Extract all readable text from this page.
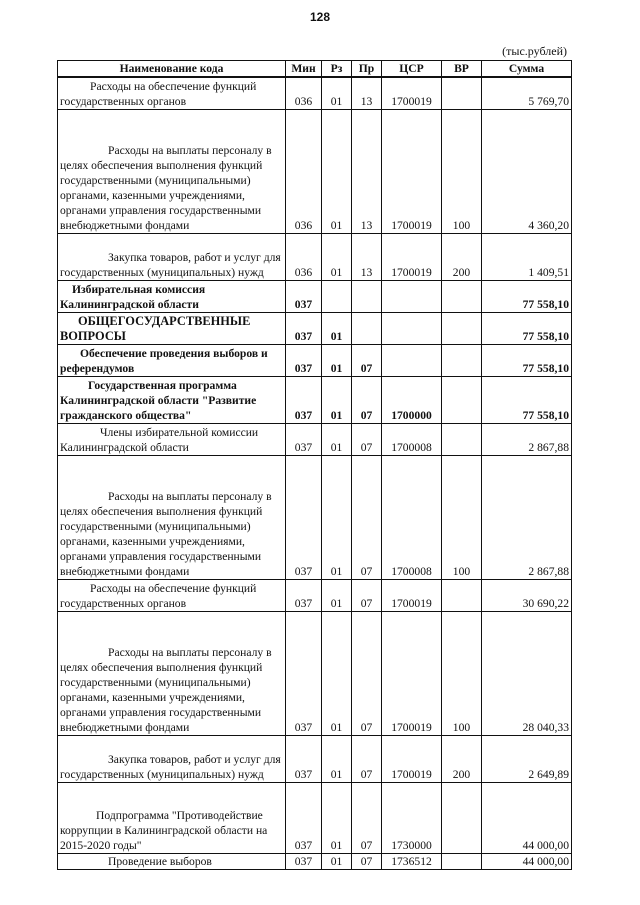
128
(тыс.рублей)
Наименование кода	Мин	Рз	Пр	ЦСР	ВР	Сумма
Расходы на обеспечение функций государственных органов	036	01	13	1700019		5 769,70
Расходы на выплаты персоналу в целях обеспечения выполнения функций государственными (муниципальными) органами, казенными учреждениями, органами управления государственными внебюджетными фондами	036	01	13	1700019	100	4 360,20
Закупка товаров, работ и услуг для государственных (муниципальных) нужд	036	01	13	1700019	200	1 409,51
Избирательная комиссия Калининградской области	037					77 558,10
ОБЩЕГОСУДАРСТВЕННЫЕ ВОПРОСЫ	037	01				77 558,10
Обеспечение проведения выборов и референдумов	037	01	07			77 558,10
Государственная программа Калининградской области "Развитие гражданского общества"	037	01	07	1700000		77 558,10
Члены избирательной комиссии Калининградской области	037	01	07	1700008		2 867,88
Расходы на выплаты персоналу в целях обеспечения выполнения функций государственными (муниципальными) органами, казенными учреждениями, органами управления государственными внебюджетными фондами	037	01	07	1700008	100	2 867,88
Расходы на обеспечение функций государственных органов	037	01	07	1700019		30 690,22
Расходы на выплаты персоналу в целях обеспечения выполнения функций государственными (муниципальными) органами, казенными учреждениями, органами управления государственными внебюджетными фондами	037	01	07	1700019	100	28 040,33
Закупка товаров, работ и услуг для государственных (муниципальных) нужд	037	01	07	1700019	200	2 649,89
Подпрограмма "Противодействие коррупции в Калининградской области на 2015-2020 годы"	037	01	07	1730000		44 000,00
Проведение выборов	037	01	07	1736512		44 000,00
